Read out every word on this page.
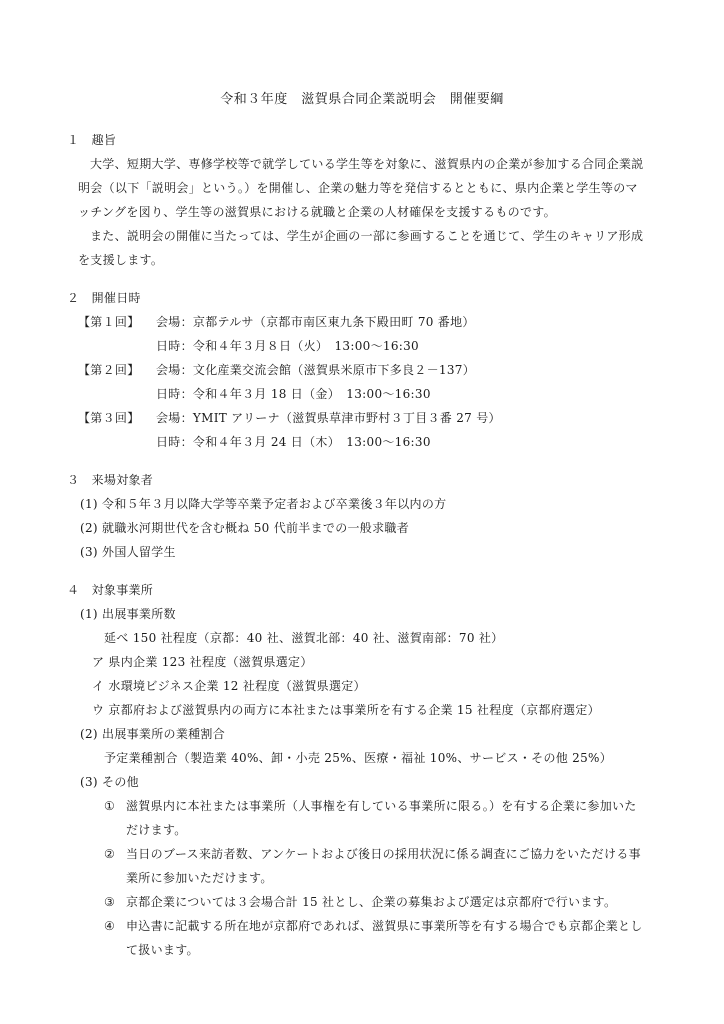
令和３年度　滋賀県合同企業説明会　開催要綱
１　趣旨
大学、短期大学、専修学校等で就学している学生等を対象に、滋賀県内の企業が参加する合同企業説
明会（以下「説明会」という。）を開催し、企業の魅力等を発信するとともに、県内企業と学生等のマ
ッチングを図り、学生等の滋賀県における就職と企業の人材確保を支援するものです。
また、説明会の開催に当たっては、学生が企画の一部に参画することを通じて、学生のキャリア形成
を支援します。
２　開催日時
【第１回】 会場：京都テルサ（京都市南区東九条下殿田町 70 番地）
日時：令和４年３月８日（火）　13:00～16:30
【第２回】 会場：文化産業交流会館（滋賀県米原市下多良２－137）
日時：令和４年３月 18 日（金）　13:00～16:30
【第３回】 会場：YMIT アリーナ（滋賀県草津市野村３丁目３番 27 号）
日時：令和４年３月 24 日（木）　13:00～16:30
３　来場対象者
(1) 令和５年３月以降大学等卒業予定者および卒業後３年以内の方
(2) 就職氷河期世代を含む概ね 50 代前半までの一般求職者
(3) 外国人留学生
４　対象事業所
(1) 出展事業所数
延べ 150 社程度（京都：40 社、滋賀北部：40 社、滋賀南部：70 社）
ア 県内企業 123 社程度（滋賀県選定）
イ 水環境ビジネス企業 12 社程度（滋賀県選定）
ウ 京都府および滋賀県内の両方に本社または事業所を有する企業 15 社程度（京都府選定）
(2) 出展事業所の業種割合
予定業種割合（製造業 40%、卸・小売 25%、医療・福祉 10%、サービス・その他 25%）
(3) その他
① 滋賀県内に本社または事業所（人事権を有している事業所に限る。）を有する企業に参加いた
だけます。
② 当日のブース来訪者数、アンケートおよび後日の採用状況に係る調査にご協力をいただける事
業所に参加いただけます。
③ 京都企業については３会場合計 15 社とし、企業の募集および選定は京都府で行います。
④ 申込書に記載する所在地が京都府であれば、滋賀県に事業所等を有する場合でも京都企業とし
て扱います。
